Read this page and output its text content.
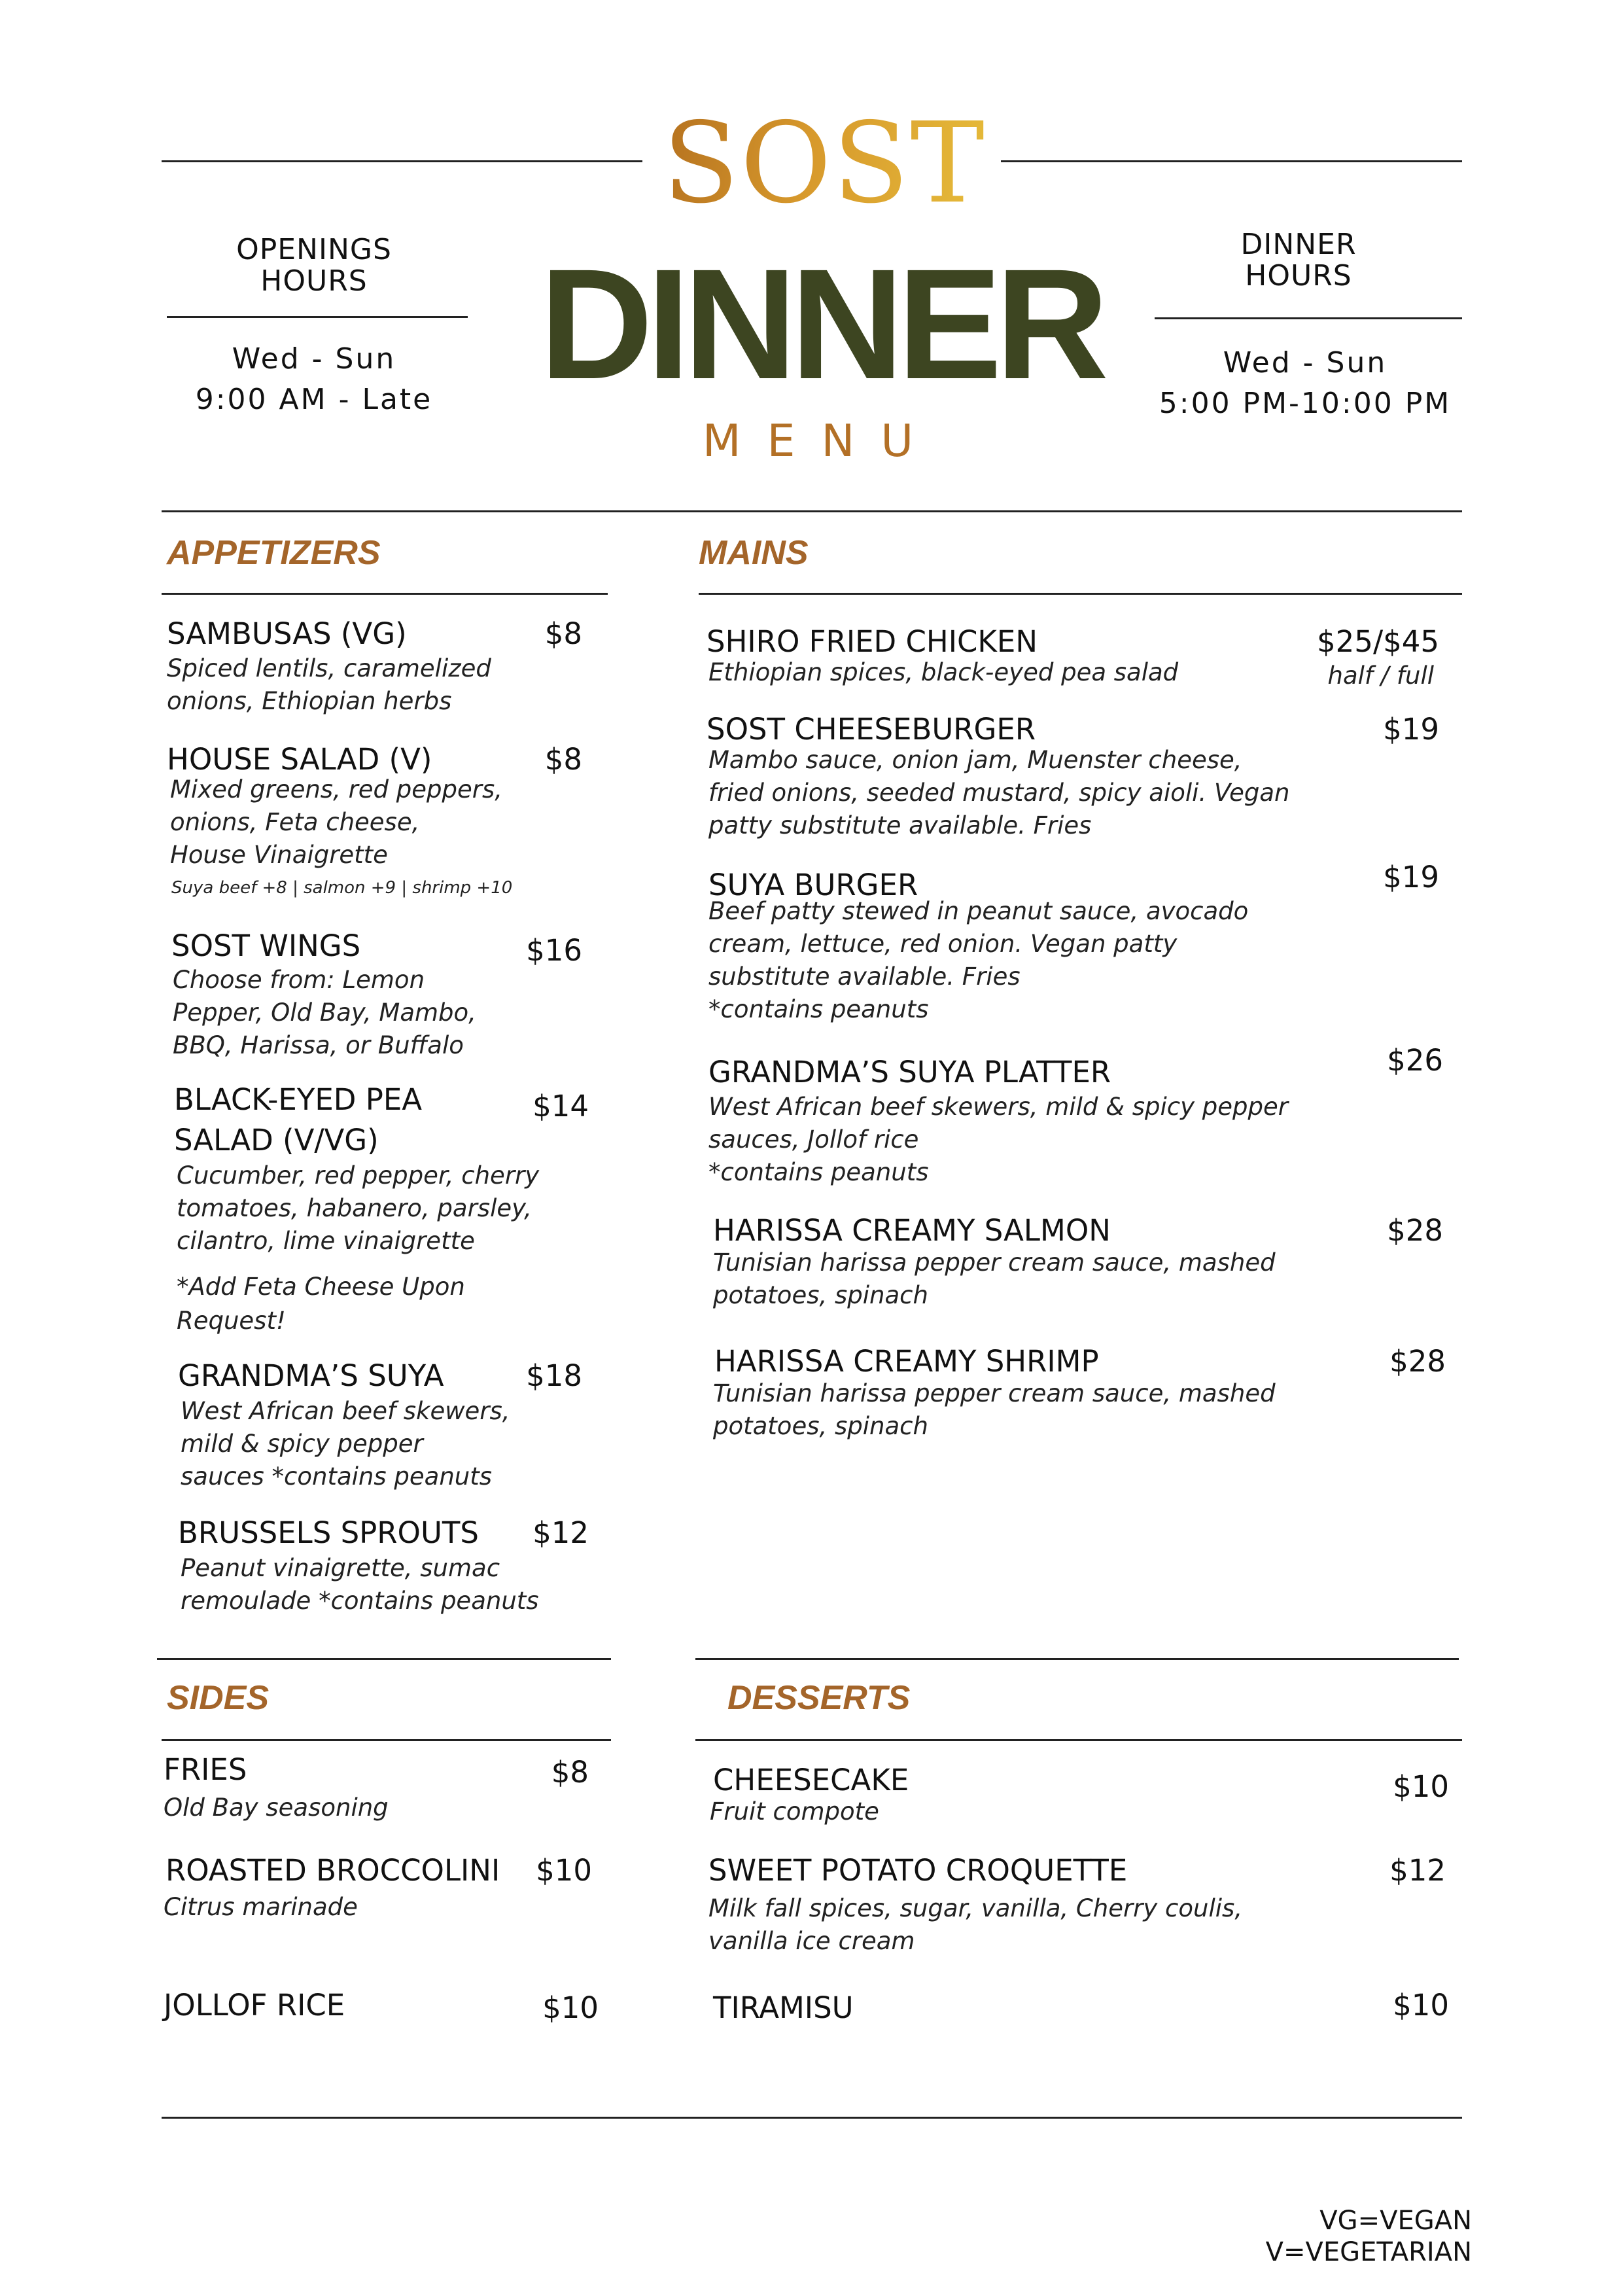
SOST
OPENINGS
HOURS
Wed - Sun
9:00 AM - Late DINNER
MENU
DINNER
HOURS
Wed - Sun
5:00 PM-10:00 PM
APPETIZERS
SAMBUSAS (VG)	$8
Spiced lentils, caramelized
onions, Ethiopian herbs
HOUSE SALAD (V)	$8
Mixed greens, red peppers,
onions, Feta cheese,
House Vinaigrette
Suya beef +8 | salmon +9 | shrimp +10
SOST WINGS	$16
Choose from: Lemon
Pepper, Old Bay, Mambo,
BBQ, Harissa, or Buffalo
BLACK-EYED PEA
SALAD (V/VG)
$14
Cucumber, red pepper, cherry
tomatoes, habanero, parsley,
cilantro, lime vinaigrette
*Add Feta Cheese Upon
Request!
GRANDMA’S SUYA	$18
West African beef skewers,
mild & spicy pepper
sauces *contains peanuts
BRUSSELS SPROUTS	$12
Peanut vinaigrette, sumac
remoulade *contains peanuts
MAINS
SHIRO FRIED CHICKEN	$25/$45
Ethiopian spices, black-eyed pea salad	half / full
SOST CHEESEBURGER	$19
Mambo sauce, onion jam, Muenster cheese,
fried onions, seeded mustard, spicy aioli. Vegan
patty substitute available. Fries
SUYA BURGER	$19
Beef patty stewed in peanut sauce, avocado
cream, lettuce, red onion. Vegan patty
substitute available. Fries
*contains peanuts
GRANDMA’S SUYA PLATTER	$26
West African beef skewers, mild & spicy pepper
sauces, Jollof rice
*contains peanuts
HARISSA CREAMY SALMON	$28
Tunisian harissa pepper cream sauce, mashed
potatoes, spinach
HARISSA CREAMY SHRIMP	$28
Tunisian harissa pepper cream sauce, mashed
potatoes, spinach
SIDES
FRIES	$8
Old Bay seasoning
ROASTED BROCCOLINI	$10
Citrus marinade
JOLLOF RICE	$10
DESSERTS
CHEESECAKE	$10
Fruit compote
SWEET POTATO CROQUETTE	$12
Milk fall spices, sugar, vanilla, Cherry coulis,
vanilla ice cream
TIRAMISU	$10
VG=VEGAN
V=VEGETARIAN
